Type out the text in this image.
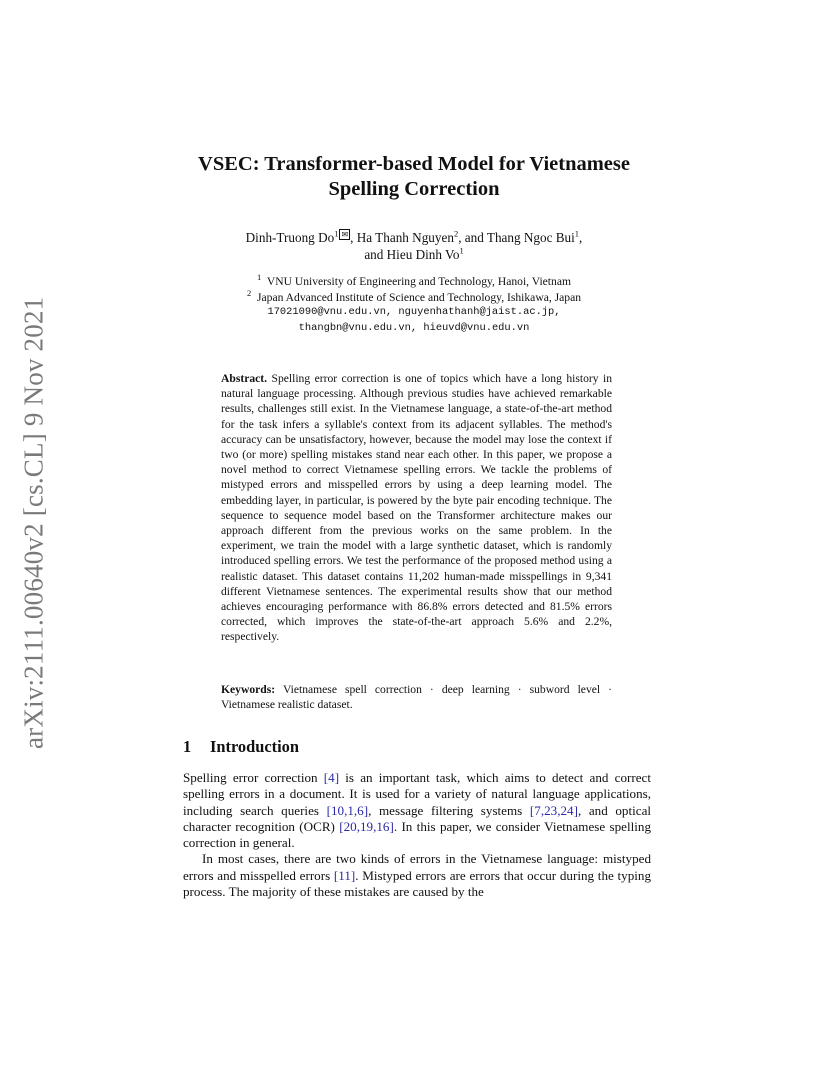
arXiv:2111.00640v2 [cs.CL] 9 Nov 2021
VSEC: Transformer-based Model for Vietnamese
Spelling Correction
Dinh-Truong Do$^1$ ✉ , Ha Thanh Nguyen$^2$, and Thang Ngoc Bui$^1$,
and Hieu Dinh Vo$^1$
$^1$ VNU University of Engineering and Technology, Hanoi, Vietnam
$^2$ Japan Advanced Institute of Science and Technology, Ishikawa, Japan
17021090@vnu.edu.vn, nguyenhathanh@jaist.ac.jp,
thangbn@vnu.edu.vn, hieuvd@vnu.edu.vn
Abstract. Spelling error correction is one of topics which have a long history in natural language processing. Although previous studies have achieved remarkable results, challenges still exist. In the Vietnamese language, a state-of-the-art method for the task infers a syllable's context from its adjacent syllables. The method's accuracy can be unsatisfactory, however, because the model may lose the context if two (or more) spelling mistakes stand near each other. In this paper, we propose a novel method to correct Vietnamese spelling errors. We tackle the problems of mistyped errors and misspelled errors by using a deep learning model. The embedding layer, in particular, is powered by the byte pair encoding technique. The sequence to sequence model based on the Transformer architecture makes our approach different from the previous works on the same problem. In the experiment, we train the model with a large synthetic dataset, which is randomly introduced spelling errors. We test the performance of the proposed method using a realistic dataset. This dataset contains 11,202 human-made misspellings in 9,341 different Vietnamese sentences. The experimental results show that our method achieves encouraging performance with 86.8% errors detected and 81.5% errors corrected, which improves the state-of-the-art approach 5.6% and 2.2%, respectively.
Keywords: Vietnamese spell correction · deep learning · subword level · Vietnamese realistic dataset.
1 Introduction

Spelling error correction [4] is an important task, which aims to detect and correct spelling errors in a document. It is used for a variety of natural language applications, including search queries [10,1,6], message filtering systems [7,23,24], and optical character recognition (OCR) [20,19,16]. In this paper, we consider Vietnamese spelling correction in general.

In most cases, there are two kinds of errors in the Vietnamese language: mistyped errors and misspelled errors [11]. Mistyped errors are errors that occur during the typing process. The majority of these mistakes are caused by the
